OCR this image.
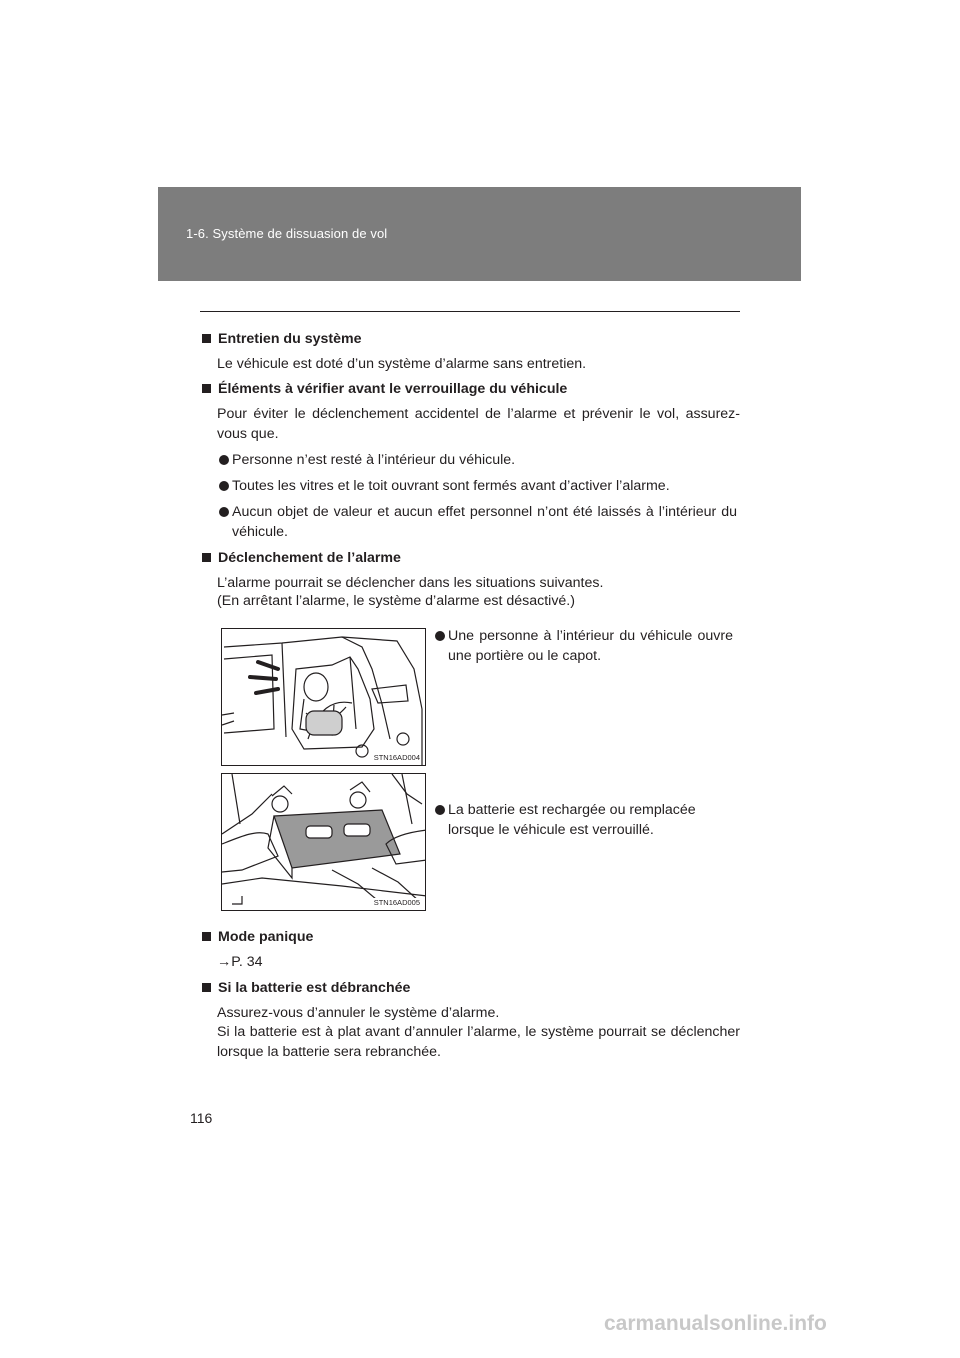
1-6. Système de dissuasion de vol
Entretien du système
Le véhicule est doté d’un système d’alarme sans entretien.
Éléments à vérifier avant le verrouillage du véhicule
Pour éviter le déclenchement accidentel de l’alarme et prévenir le vol, assurez-vous que.
Personne n’est resté à l’intérieur du véhicule.
Toutes les vitres et le toit ouvrant sont fermés avant d’activer l’alarme.
Aucun objet de valeur et aucun effet personnel n’ont été laissés à l’intérieur du véhicule.
Déclenchement de l’alarme
L’alarme pourrait se déclencher dans les situations suivantes.
(En arrêtant l’alarme, le système d’alarme est désactivé.)
Mode panique
→P. 34
Si la batterie est débranchée
Assurez-vous d’annuler le système d’alarme.
Si la batterie est à plat avant d’annuler l’alarme, le système pourrait se déclencher lorsque la batterie sera rebranchée.
Une personne à l’intérieur du véhicule ouvre une portière ou le capot.
STN16AD004
La batterie est rechargée ou remplacée lorsque le véhicule est verrouillé.
STN16AD005
116
carmanualsonline.info
